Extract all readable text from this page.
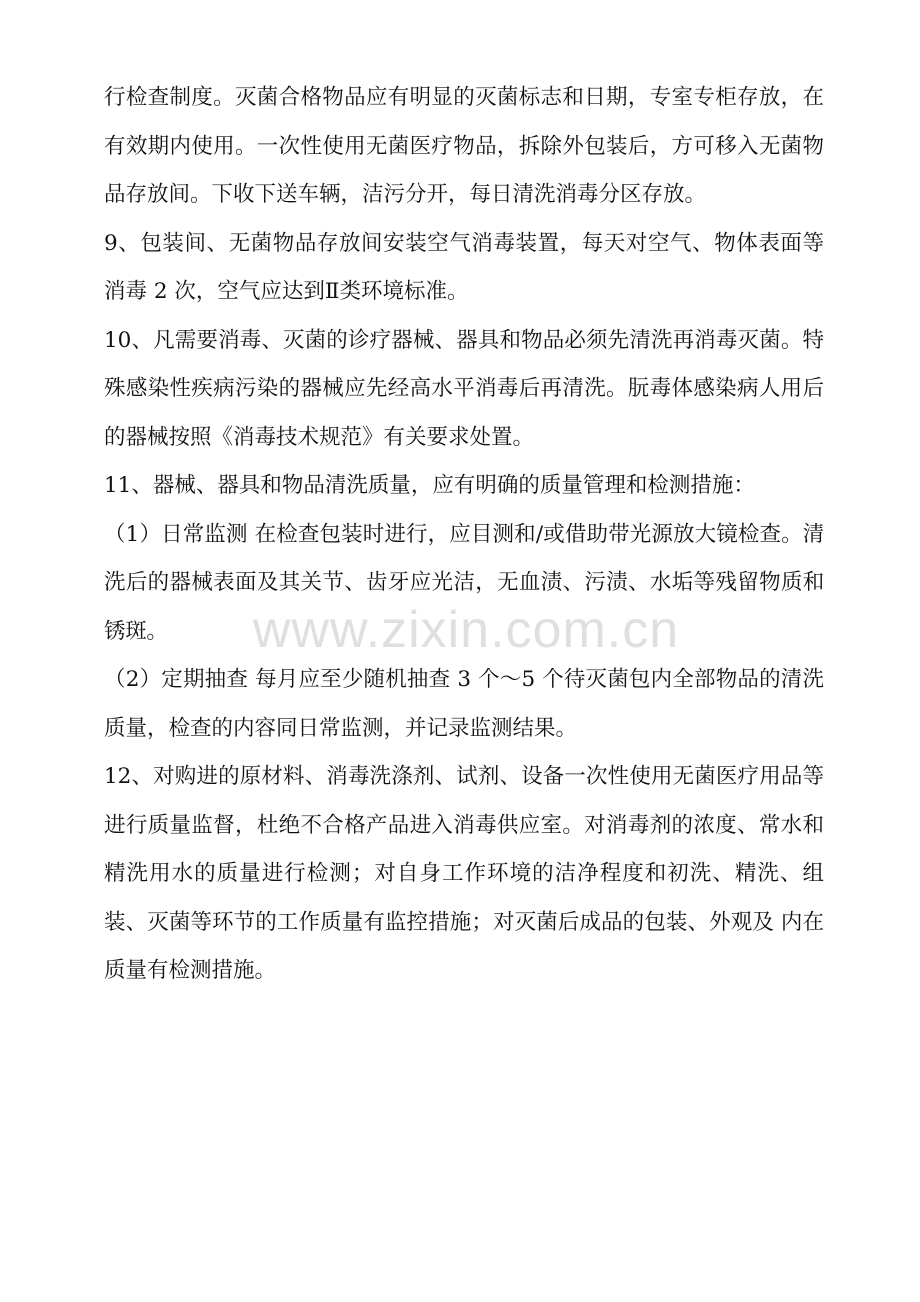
行检查制度。灭菌合格物品应有明显的灭菌标志和日期，专室专柜存放，在有效期内使用。一次性使用无菌医疗物品，拆除外包装后，方可移入无菌物品存放间。下收下送车辆，洁污分开，每日清洗消毒分区存放。

9、包装间、无菌物品存放间安装空气消毒装置，每天对空气、物体表面等消毒 2 次，空气应达到Ⅱ类环境标准。

10、凡需要消毒、灭菌的诊疗器械、器具和物品必须先清洗再消毒灭菌。特殊感染性疾病污染的器械应先经高水平消毒后再清洗。朊毒体感染病人用后的器械按照《消毒技术规范》有关要求处置。

11、器械、器具和物品清洗质量，应有明确的质量管理和检测措施：

（1）日常监测 在检查包装时进行，应目测和/或借助带光源放大镜检查。清洗后的器械表面及其关节、齿牙应光洁，无血渍、污渍、水垢等残留物质和锈斑。

（2）定期抽查 每月应至少随机抽查 3 个～5 个待灭菌包内全部物品的清洗质量，检查的内容同日常监测，并记录监测结果。

12、对购进的原材料、消毒洗涤剂、试剂、设备一次性使用无菌医疗用品等进行质量监督，杜绝不合格产品进入消毒供应室。对消毒剂的浓度、常水和精洗用水的质量进行检测；对自身工作环境的洁净程度和初洗、精洗、组装、灭菌等环节的工作质量有监控措施；对灭菌后成品的包装、外观及 内在质量有检测措施。

www.zixin.com.cn
